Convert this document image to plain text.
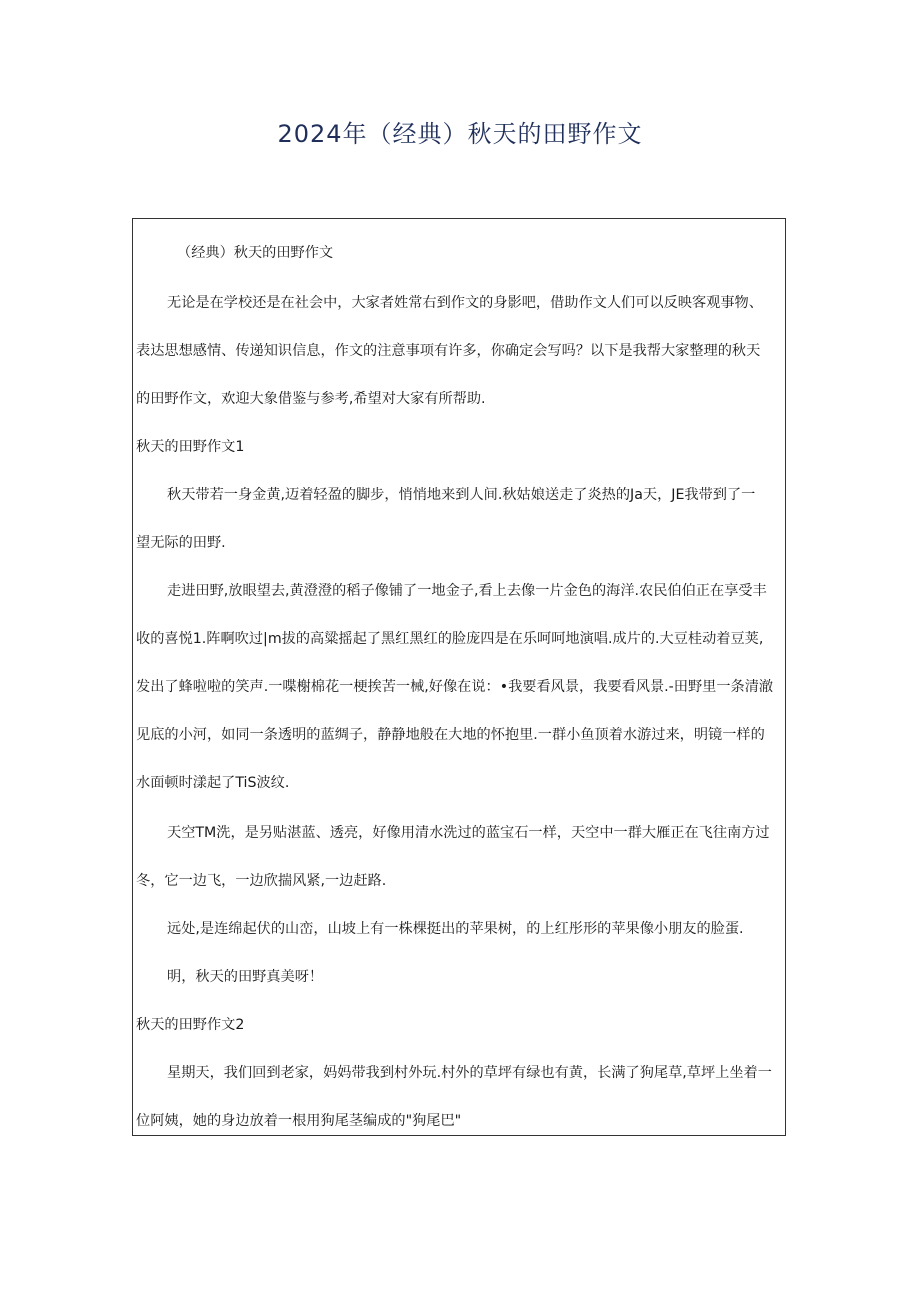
2024年（经典）秋天的田野作文
（经典）秋天的田野作文
无论是在学校还是在社会中，大家者姓常右到作文的身影吧，借助作文人们可以反映客观事物、
表达思想感情、传递知识信息，作文的注意事项有许多，你确定会写吗？以下是我帮大家整理的秋天
的田野作文，欢迎大象借鉴与参考,希望对大家有所帮助.
秋天的田野作文1
秋天带若一身金黄,迈着轻盈的脚步，悄悄地来到人间.秋姑娘送走了炎热的Ja天，JE我带到了一
望无际的田野.
走进田野,放眼望去,黄澄澄的稻子像铺了一地金子,看上去像一片金色的海洋.农民伯伯正在享受丰
收的喜悦1.阵啊吹过|m拔的高粱摇起了黑红黑红的脸庞四是在乐呵呵地演唱.成片的.大豆桂动着豆荚,
发出了蜂啦啦的笑声.一喋榭棉花一梗挨苦一械,好像在说：•我要看风景，我要看风景.-田野里一条清澈
见底的小河，如同一条透明的蓝绸子，静静地般在大地的怀抱里.一群小鱼顶着水游过来，明镜一样的
水面顿时漾起了TiS波纹.
天空TM洗，是另贴湛蓝、透亮，好像用清水洗过的蓝宝石一样，天空中一群大雁正在飞往南方过
冬，它一边飞，一边欣揣风紧,一边赶路.
远处,是连绵起伏的山峦，山坡上有一株棵挺出的苹果树，的上红彤形的苹果像小朋友的脸蛋.
明，秋天的田野真美呀！
秋天的田野作文2
星期天，我们回到老家，妈妈带我到村外玩.村外的草坪有绿也有黄，长满了狗尾草,草坪上坐着一
位阿姨，她的身边放着一根用狗尾茎编成的"狗尾巴"
